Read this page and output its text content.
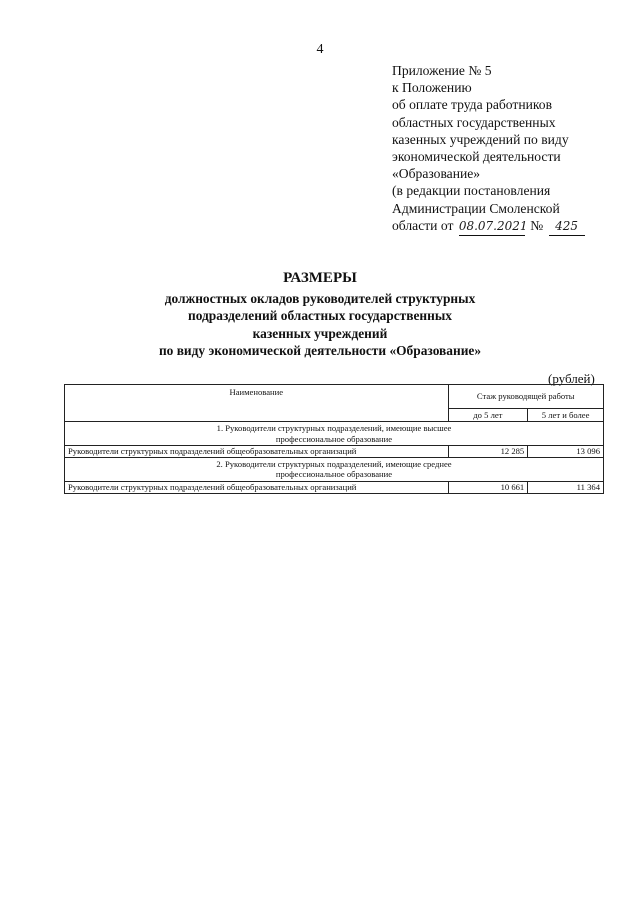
4
Приложение № 5
к Положению
об оплате труда работников
областных государственных
казенных учреждений по виду
экономической деятельности
«Образование»
(в редакции постановления
Администрации Смоленской
области от 08.07.2021 № 425
РАЗМЕРЫ
должностных окладов руководителей структурных
подразделений областных государственных
казенных учреждений
по виду экономической деятельности «Образование»
(рублей)
Наименование	Стаж руководящей работы	
	до 5 лет	5 лет и более

1. Руководители структурных подразделений, имеющие высшее
профессиональное образование		

Руководители структурных подразделений общеобразовательных организаций	12 285	13 096

2. Руководители структурных подразделений, имеющие среднее
профессиональное образование		

Руководители структурных подразделений общеобразовательных организаций	10 661	11 364
